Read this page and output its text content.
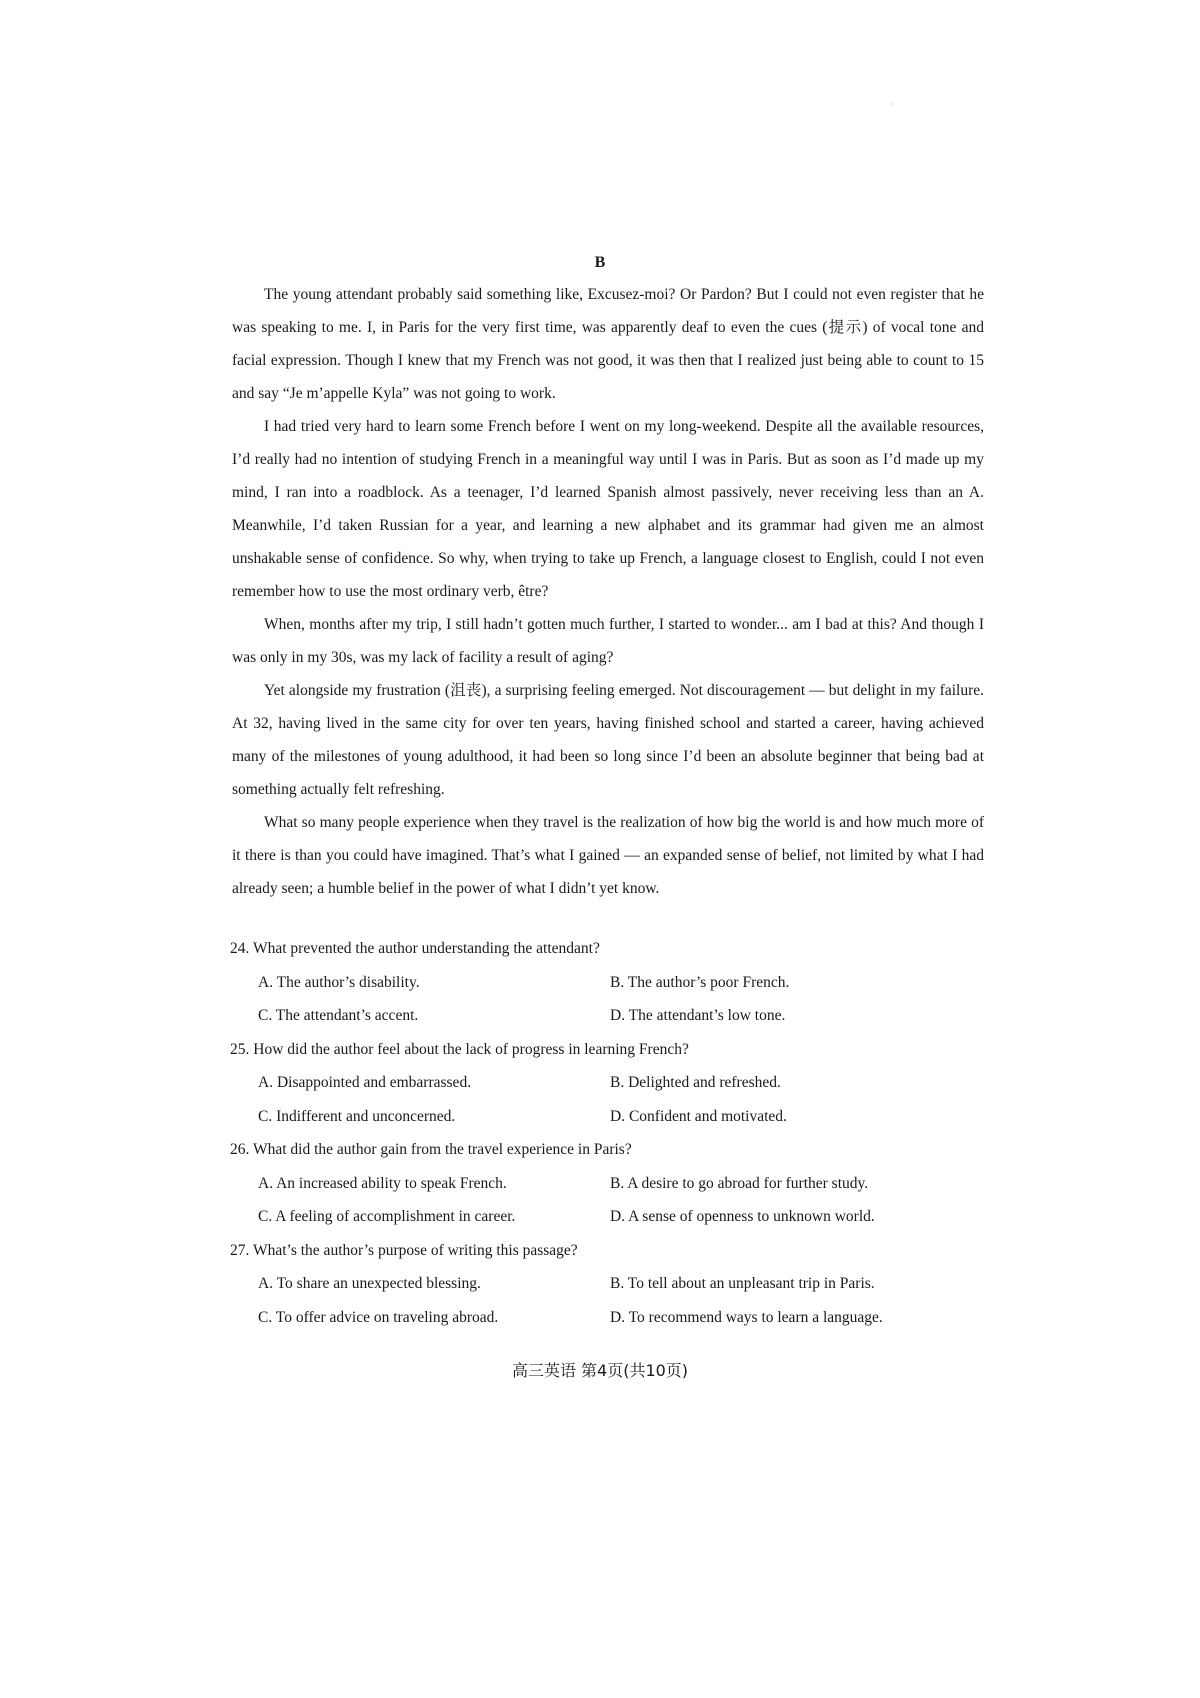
·
B

The young attendant probably said something like, Excusez-moi? Or Pardon? But I could not even register that he was speaking to me. I, in Paris for the very first time, was apparently deaf to even the cues (提示) of vocal tone and facial expression. Though I knew that my French was not good, it was then that I realized just being able to count to 15 and say “Je m’appelle Kyla” was not going to work.

I had tried very hard to learn some French before I went on my long-weekend. Despite all the available resources, I’d really had no intention of studying French in a meaningful way until I was in Paris. But as soon as I’d made up my mind, I ran into a roadblock. As a teenager, I’d learned Spanish almost passively, never receiving less than an A. Meanwhile, I’d taken Russian for a year, and learning a new alphabet and its grammar had given me an almost unshakable sense of confidence. So why, when trying to take up French, a language closest to English, could I not even remember how to use the most ordinary verb, être?

When, months after my trip, I still hadn’t gotten much further, I started to wonder... am I bad at this? And though I was only in my 30s, was my lack of facility a result of aging?

Yet alongside my frustration (沮丧), a surprising feeling emerged. Not discouragement — but delight in my failure. At 32, having lived in the same city for over ten years, having finished school and started a career, having achieved many of the milestones of young adulthood, it had been so long since I’d been an absolute beginner that being bad at something actually felt refreshing.

What so many people experience when they travel is the realization of how big the world is and how much more of it there is than you could have imagined. That’s what I gained — an expanded sense of belief, not limited by what I had already seen; a humble belief in the power of what I didn’t yet know.

24. What prevented the author understanding the attendant?
A. The author’s disability.	B. The author’s poor French.
C. The attendant’s accent.	D. The attendant’s low tone.
25. How did the author feel about the lack of progress in learning French?
A. Disappointed and embarrassed.	B. Delighted and refreshed.
C. Indifferent and unconcerned.	D. Confident and motivated.
26. What did the author gain from the travel experience in Paris?
A. An increased ability to speak French.	B. A desire to go abroad for further study.
C. A feeling of accomplishment in career.	D. A sense of openness to unknown world.
27. What’s the author’s purpose of writing this passage?
A. To share an unexpected blessing.	B. To tell about an unpleasant trip in Paris.
C. To offer advice on traveling abroad.	D. To recommend ways to learn a language.
高三英语 第4页(共10页)
